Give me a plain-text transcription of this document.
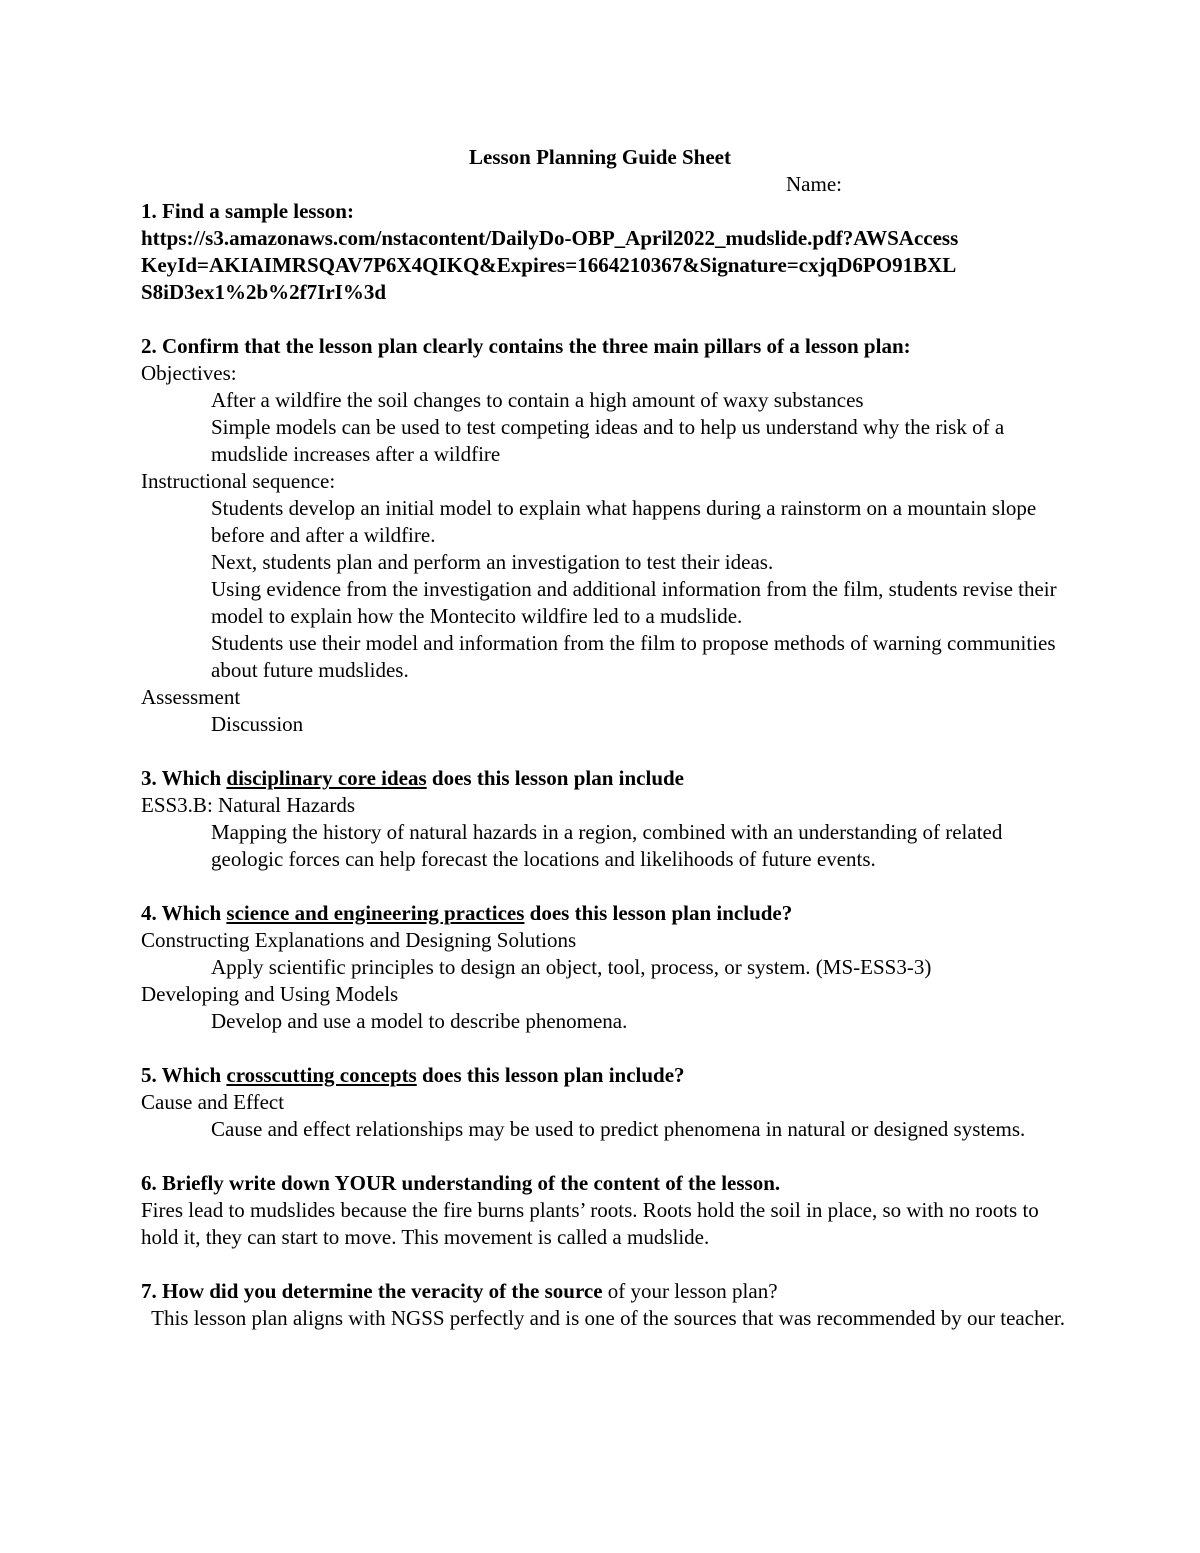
Lesson Planning Guide Sheet
Name:

1. Find a sample lesson:

https://s3.amazonaws.com/nstacontent/DailyDo-OBP_April2022_mudslide.pdf?AWSAccess

KeyId=AKIAIMRSQAV7P6X4QIKQ&Expires=1664210367&Signature=cxjqD6PO91BXL

S8iD3ex1%2b%2f7IrI%3d

2. Confirm that the lesson plan clearly contains the three main pillars of a lesson plan:

Objectives:

After a wildfire the soil changes to contain a high amount of waxy substances

Simple models can be used to test competing ideas and to help us understand why the risk of a mudslide increases after a wildfire

Instructional sequence:

Students develop an initial model to explain what happens during a rainstorm on a mountain slope before and after a wildfire.

Next, students plan and perform an investigation to test their ideas.

Using evidence from the investigation and additional information from the film, students revise their model to explain how the Montecito wildfire led to a mudslide.

Students use their model and information from the film to propose methods of warning communities about future mudslides.

Assessment

Discussion

3. Which disciplinary core ideas does this lesson plan include

ESS3.B: Natural Hazards

Mapping the history of natural hazards in a region, combined with an understanding of related geologic forces can help forecast the locations and likelihoods of future events.

4. Which science and engineering practices does this lesson plan include?

Constructing Explanations and Designing Solutions

Apply scientific principles to design an object, tool, process, or system. (MS-ESS3-3)

Developing and Using Models

Develop and use a model to describe phenomena.

5. Which crosscutting concepts does this lesson plan include?

Cause and Effect

Cause and effect relationships may be used to predict phenomena in natural or designed systems.

6. Briefly write down YOUR understanding of the content of the lesson.

Fires lead to mudslides because the fire burns plants’ roots. Roots hold the soil in place, so with no roots to hold it, they can start to move. This movement is called a mudslide.

7. How did you determine the veracity of the source of your lesson plan?

This lesson plan aligns with NGSS perfectly and is one of the sources that was recommended by our teacher.
